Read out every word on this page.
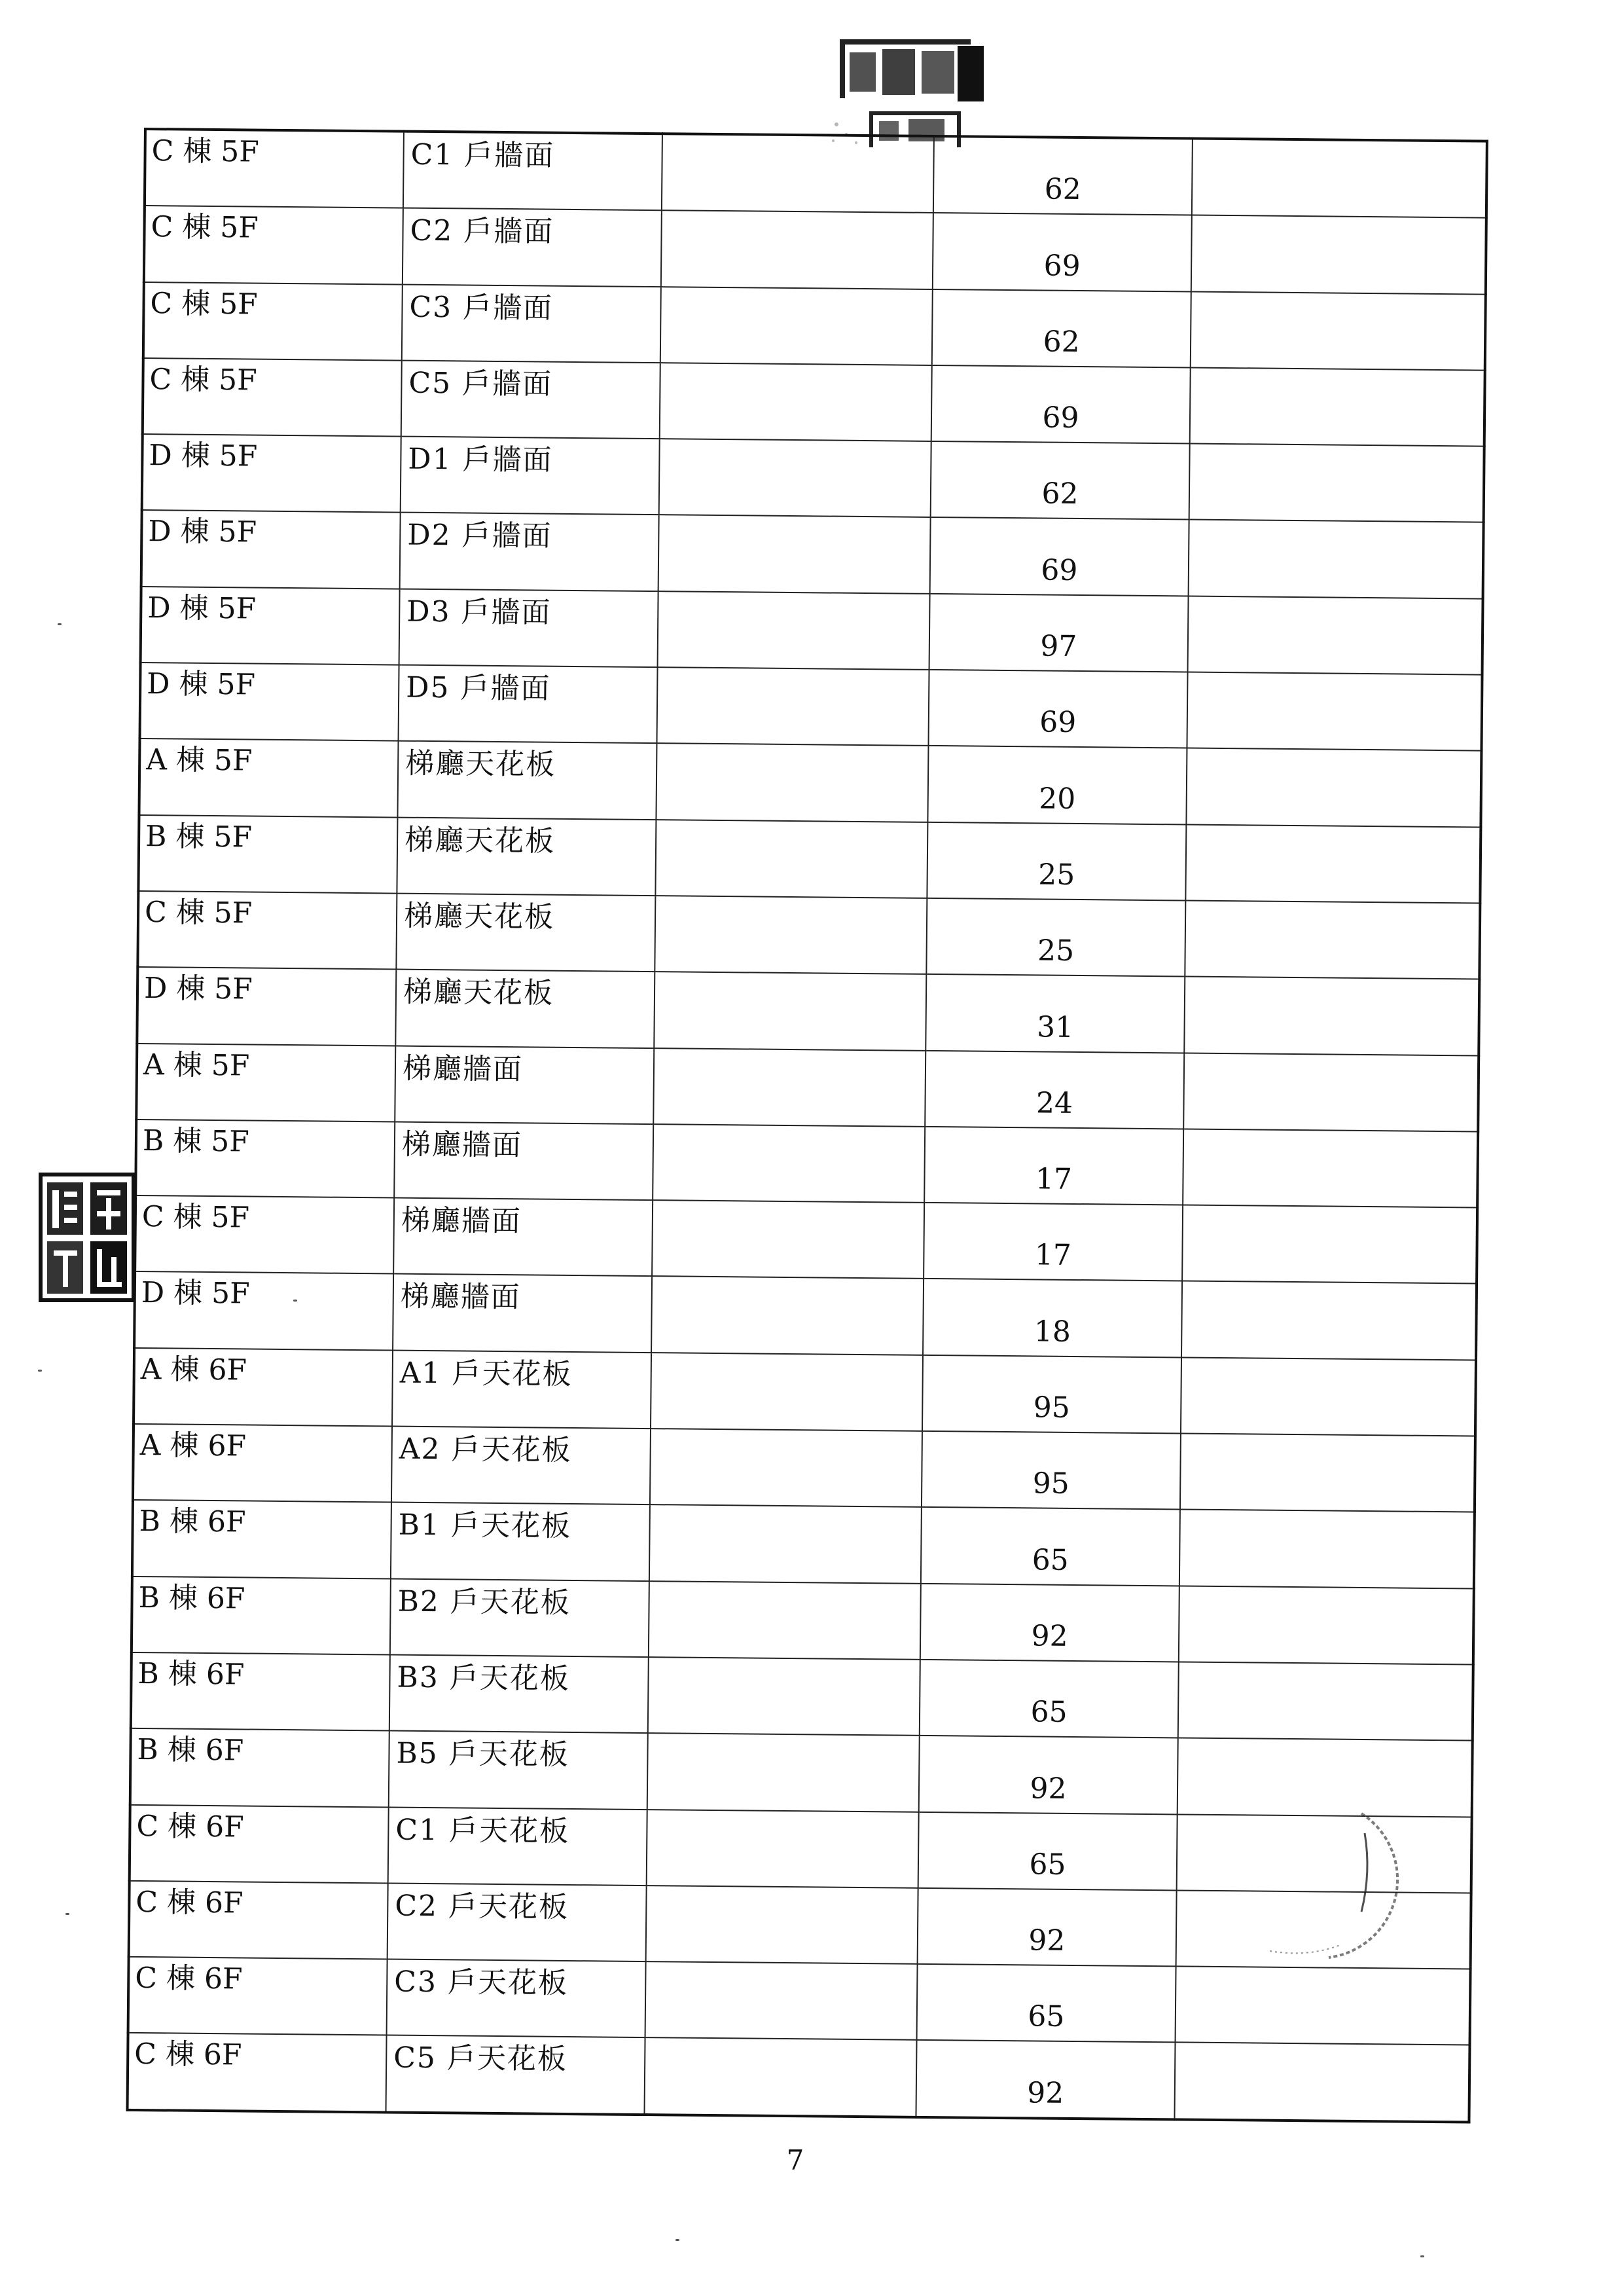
C 棟 5F	C1 戶牆面		62	

C 棟 5F	C2 戶牆面		69	

C 棟 5F	C3 戶牆面		62	

C 棟 5F	C5 戶牆面		69	

D 棟 5F	D1 戶牆面		62	

D 棟 5F	D2 戶牆面		69	

D 棟 5F	D3 戶牆面		97	

D 棟 5F	D5 戶牆面		69	

A 棟 5F	梯廳天花板		20	

B 棟 5F	梯廳天花板		25	

C 棟 5F	梯廳天花板		25	

D 棟 5F	梯廳天花板		31	

A 棟 5F	梯廳牆面		24	

B 棟 5F	梯廳牆面		17	

C 棟 5F	梯廳牆面		17	

D 棟 5F	梯廳牆面		18	

A 棟 6F	A1 戶天花板		95	

A 棟 6F	A2 戶天花板		95	

B 棟 6F	B1 戶天花板		65	

B 棟 6F	B2 戶天花板		92	

B 棟 6F	B3 戶天花板		65	

B 棟 6F	B5 戶天花板		92	

C 棟 6F	C1 戶天花板		65	

C 棟 6F	C2 戶天花板		92	

C 棟 6F	C3 戶天花板		65	

C 棟 6F	C5 戶天花板		92	

7
